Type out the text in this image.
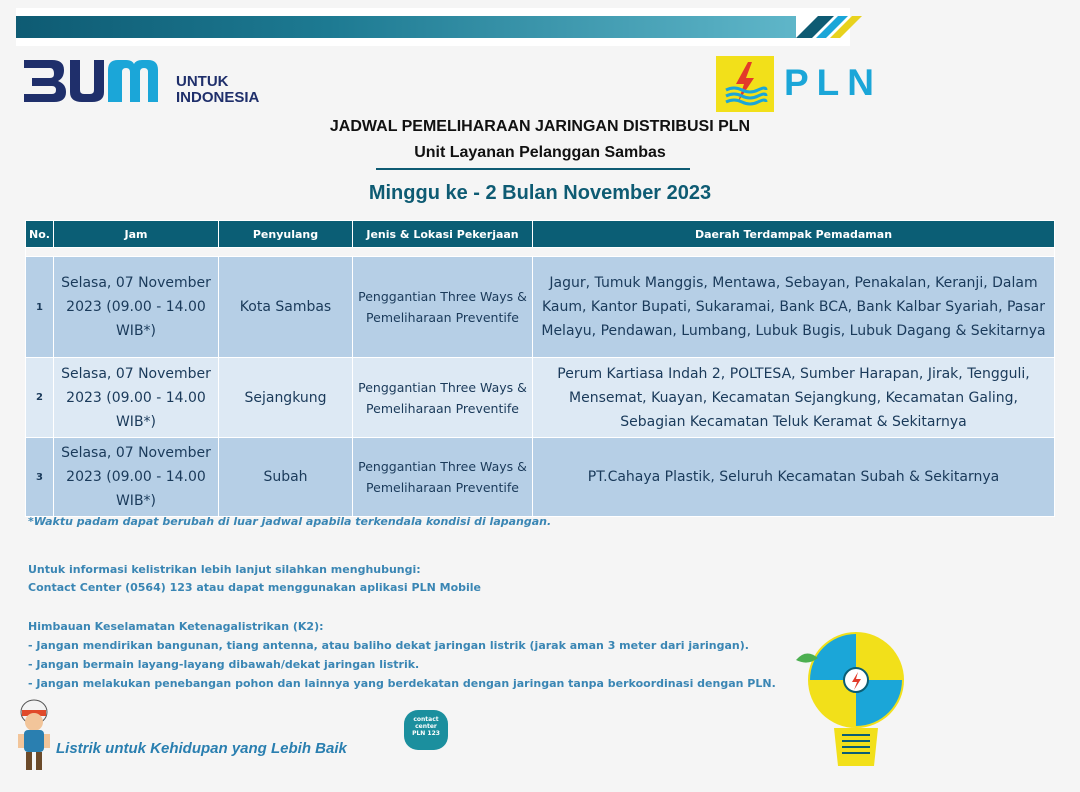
UNTUK
INDONESIA	PLN
JADWAL PEMELIHARAAN JARINGAN DISTRIBUSI PLN
Unit Layanan Pelanggan Sambas
Minggu ke - 2 Bulan November 2023
No.	Jam	Penyulang	Jenis & Lokasi Pekerjaan	Daerah Terdampak Pemadaman

1	Selasa, 07 November 2023 (09.00 - 14.00 WIB*)	Kota Sambas	Penggantian Three Ways & Pemeliharaan Preventife	Jagur, Tumuk Manggis, Mentawa, Sebayan, Penakalan, Keranji, Dalam Kaum, Kantor Bupati, Sukaramai, Bank BCA, Bank Kalbar Syariah, Pasar Melayu, Pendawan, Lumbang, Lubuk Bugis, Lubuk Dagang & Sekitarnya
2	Selasa, 07 November 2023 (09.00 - 14.00 WIB*)	Sejangkung	Penggantian Three Ways & Pemeliharaan Preventife	Perum Kartiasa Indah 2, POLTESA, Sumber Harapan, Jirak, Tengguli, Mensemat, Kuayan, Kecamatan Sejangkung, Kecamatan Galing, Sebagian Kecamatan Teluk Keramat & Sekitarnya
3	Selasa, 07 November 2023 (09.00 - 14.00 WIB*)	Subah	Penggantian Three Ways & Pemeliharaan Preventife	PT.Cahaya Plastik, Seluruh Kecamatan Subah & Sekitarnya
*Waktu padam dapat berubah di luar jadwal apabila terkendala kondisi di lapangan.
Untuk informasi kelistrikan lebih lanjut silahkan menghubungi:
Contact Center (0564) 123 atau dapat menggunakan aplikasi PLN Mobile
Himbauan Keselamatan Ketenagalistrikan (K2):
- Jangan mendirikan bangunan, tiang antenna, atau baliho dekat jaringan listrik (jarak aman 3 meter dari jaringan).
- Jangan bermain layang-layang dibawah/dekat jaringan listrik.
- Jangan melakukan penebangan pohon dan lainnya yang berdekatan dengan jaringan tanpa berkoordinasi dengan PLN.
Listrik untuk Kehidupan yang Lebih Baik
contact
center
PLN 123
